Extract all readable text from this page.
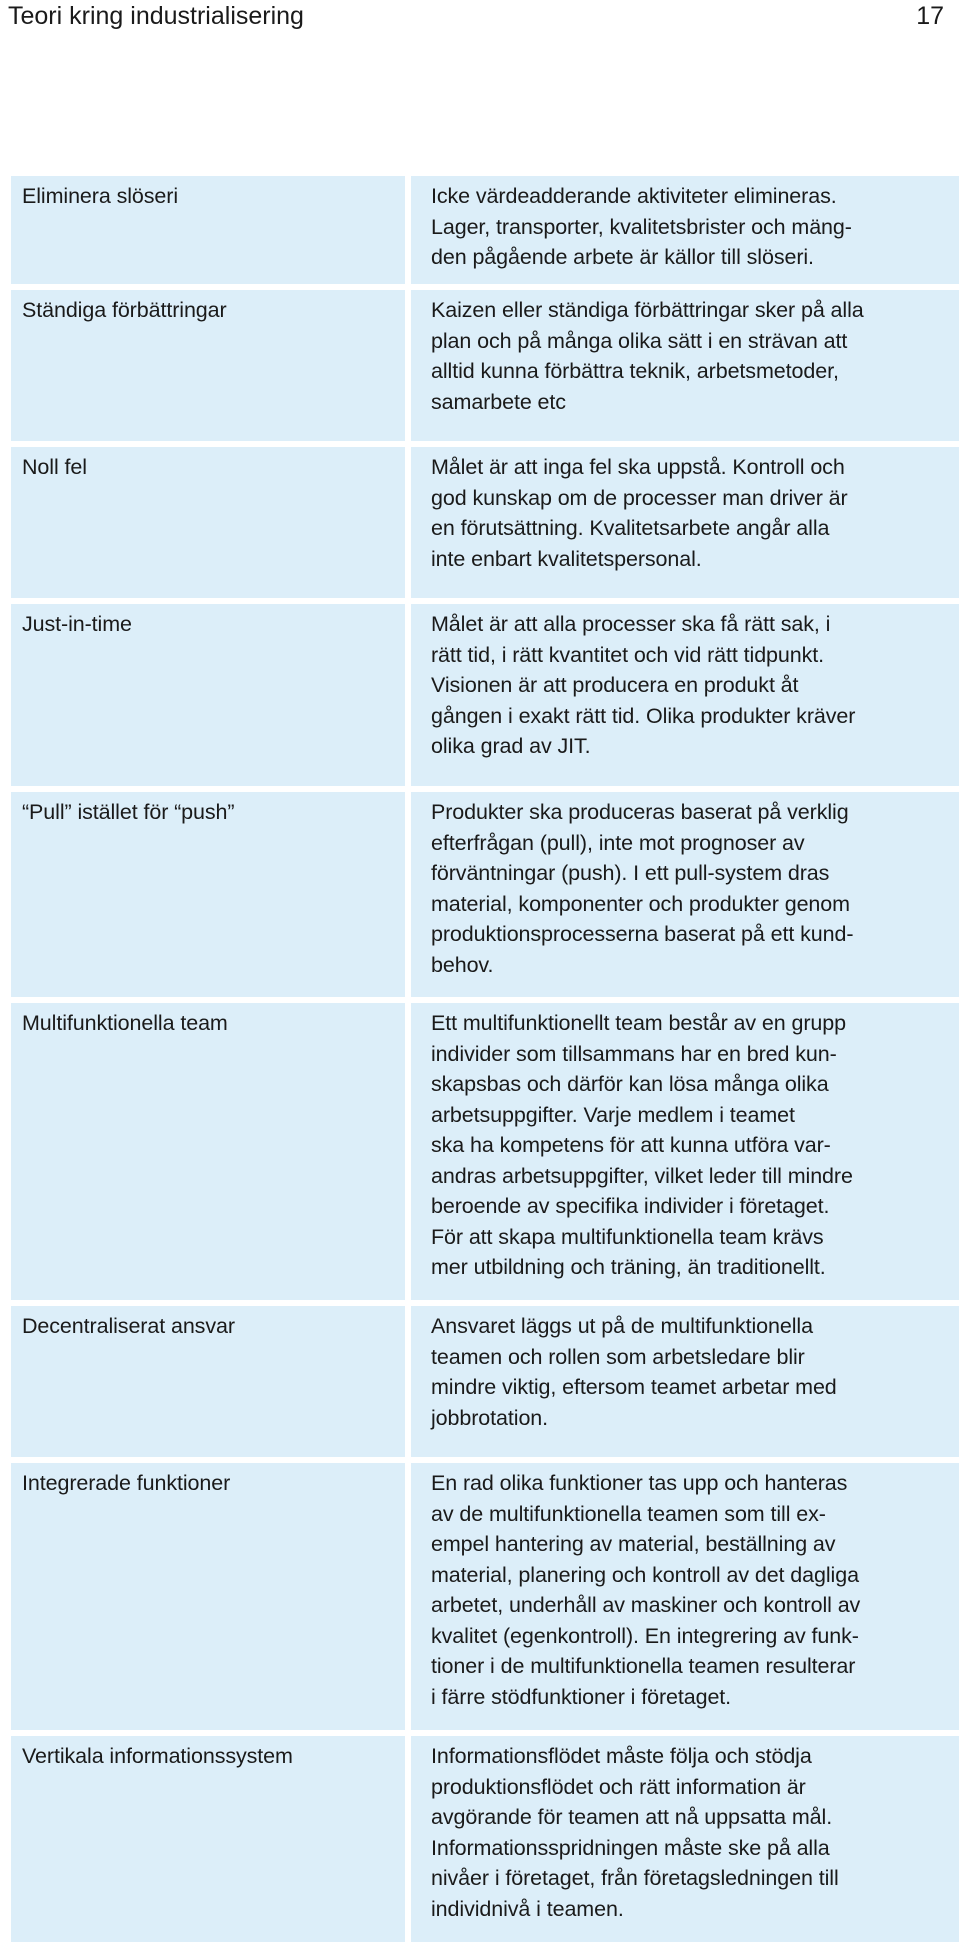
Teori kring industrialisering	17
Eliminera slöseri	Icke värdeadderande aktiviteter elimineras.
Lager, transporter, kvalitetsbrister och mäng-
den pågående arbete är källor till slöseri.
Ständiga förbättringar	Kaizen eller ständiga förbättringar sker på alla
plan och på många olika sätt i en strävan att
alltid kunna förbättra teknik, arbetsmetoder,
samarbete etc
Noll fel	Målet är att inga fel ska uppstå. Kontroll och
god kunskap om de processer man driver är
en förutsättning. Kvalitetsarbete angår alla
inte enbart kvalitetspersonal.
Just-in-time	Målet är att alla processer ska få rätt sak, i
rätt tid, i rätt kvantitet och vid rätt tidpunkt.
Visionen är att producera en produkt åt
gången i exakt rätt tid. Olika produkter kräver
olika grad av JIT.
“Pull” istället för “push”	Produkter ska produceras baserat på verklig
efterfrågan (pull), inte mot prognoser av
förväntningar (push). I ett pull-system dras
material, komponenter och produkter genom
produktionsprocesserna baserat på ett kund-
behov.
Multifunktionella team	Ett multifunktionellt team består av en grupp
individer som tillsammans har en bred kun-
skapsbas och därför kan lösa många olika
arbetsuppgifter. Varje medlem i teamet
ska ha kompetens för att kunna utföra var-
andras arbetsuppgifter, vilket leder till mindre
beroende av specifika individer i företaget.
För att skapa multifunktionella team krävs
mer utbildning och träning, än traditionellt.
Decentraliserat ansvar	Ansvaret läggs ut på de multifunktionella
teamen och rollen som arbetsledare blir
mindre viktig, eftersom teamet arbetar med
jobbrotation.
Integrerade funktioner	En rad olika funktioner tas upp och hanteras
av de multifunktionella teamen som till ex-
empel hantering av material, beställning av
material, planering och kontroll av det dagliga
arbetet, underhåll av maskiner och kontroll av
kvalitet (egenkontroll). En integrering av funk-
tioner i de multifunktionella teamen resulterar
i färre stödfunktioner i företaget.
Vertikala informationssystem	Informationsflödet måste följa och stödja
produktionsflödet och rätt information är
avgörande för teamen att nå uppsatta mål.
Informationsspridningen måste ske på alla
nivåer i företaget, från företagsledningen till
individnivå i teamen.
